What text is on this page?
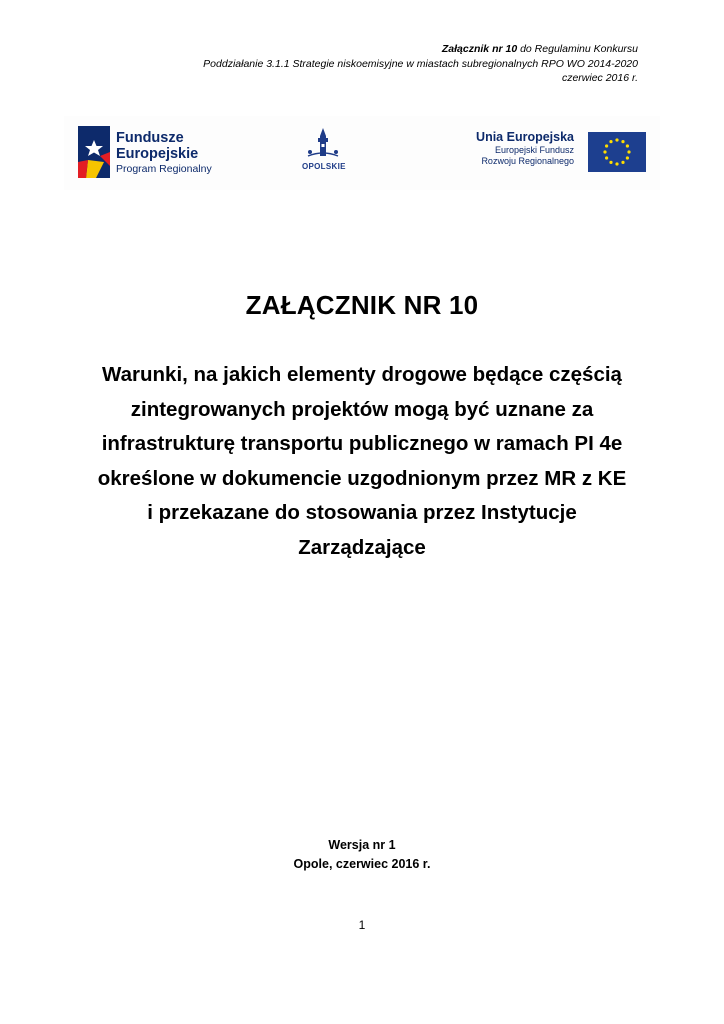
Załącznik nr 10 do Regulaminu Konkursu
Poddziałanie 3.1.1 Strategie niskoemisyjne w miastach subregionalnych RPO WO 2014-2020
czerwiec 2016 r.
Fundusze
Europejskie
Program Regionalny	OPOLSKIE
Unia Europejska
Europejski Fundusz
Rozwoju Regionalnego
ZAŁĄCZNIK NR 10
Warunki, na jakich elementy drogowe będące częścią
zintegrowanych projektów mogą być uznane za
infrastrukturę transportu publicznego w ramach PI 4e
określone w dokumencie uzgodnionym przez MR z KE
i przekazane do stosowania przez Instytucje
Zarządzające
Wersja nr 1
Opole, czerwiec 2016 r.
1
